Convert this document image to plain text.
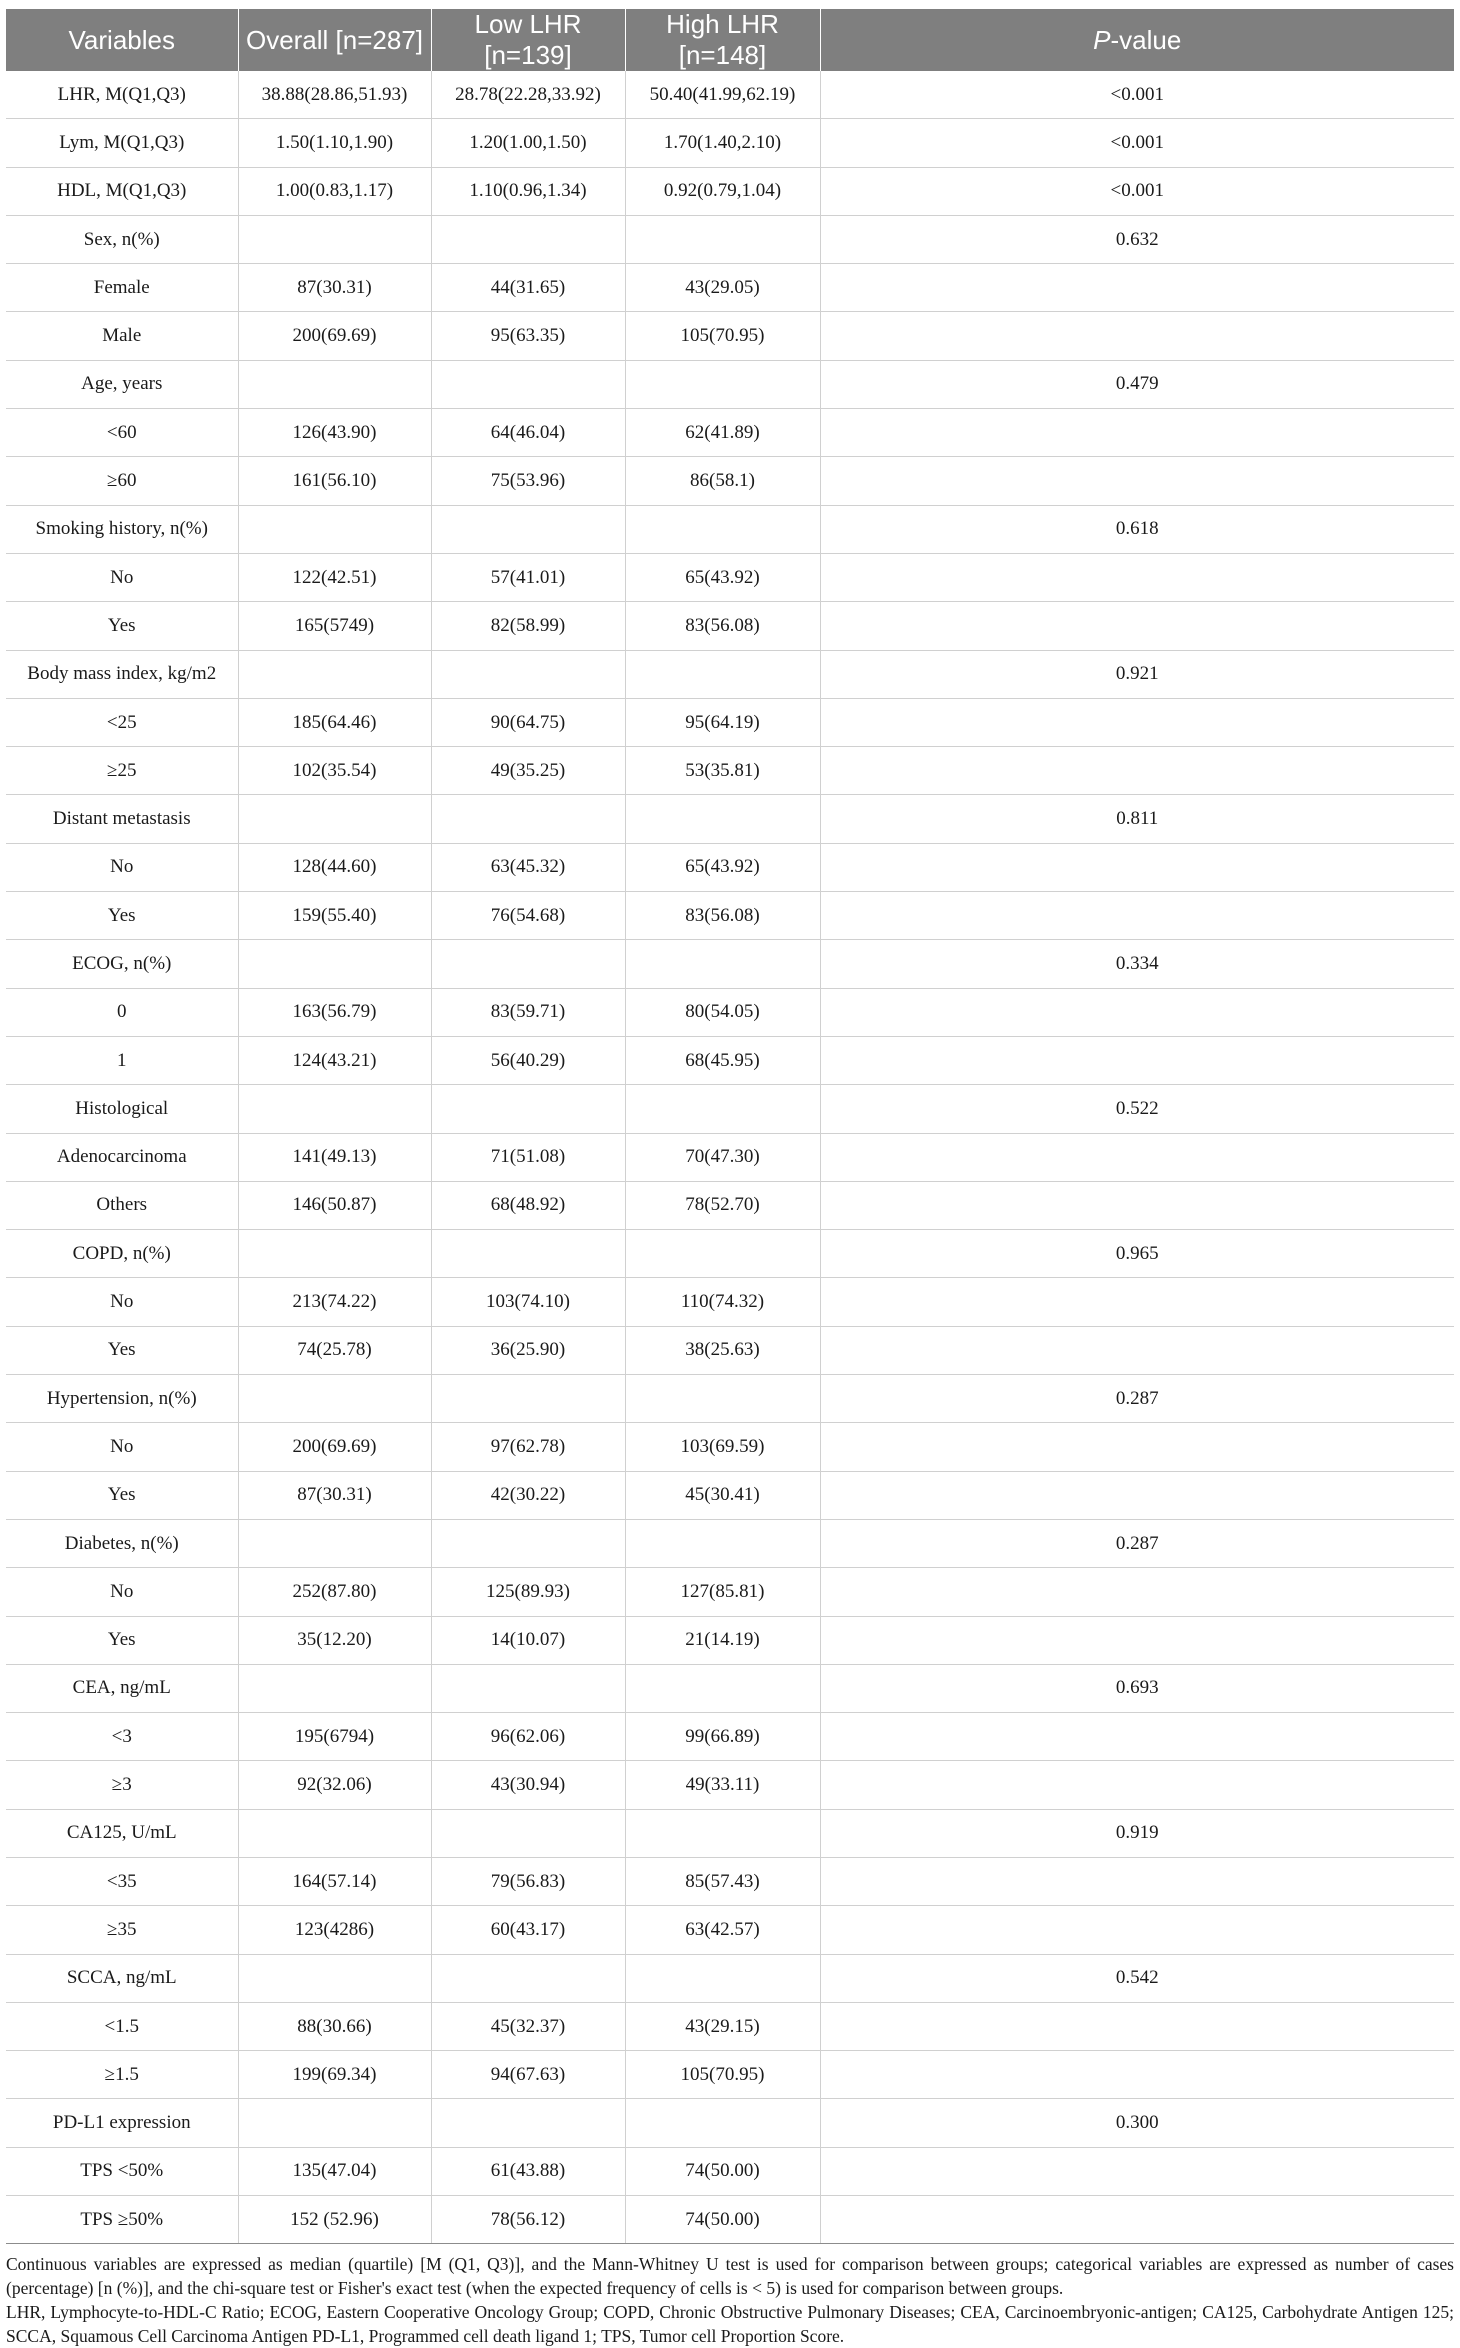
Variables	Overall [n=287]	Low LHR [n=139]	High LHR [n=148]	P-value
LHR, M(Q1,Q3)	38.88(28.86,51.93)	28.78(22.28,33.92)	50.40(41.99,62.19)	<0.001
Lym, M(Q1,Q3)	1.50(1.10,1.90)	1.20(1.00,1.50)	1.70(1.40,2.10)	<0.001
HDL, M(Q1,Q3)	1.00(0.83,1.17)	1.10(0.96,1.34)	0.92(0.79,1.04)	<0.001
Sex, n(%)				0.632
Female	87(30.31)	44(31.65)	43(29.05)	
Male	200(69.69)	95(63.35)	105(70.95)	
Age, years				0.479
<60	126(43.90)	64(46.04)	62(41.89)	
≥60	161(56.10)	75(53.96)	86(58.1)	
Smoking history, n(%)				0.618
No	122(42.51)	57(41.01)	65(43.92)	
Yes	165(5749)	82(58.99)	83(56.08)	
Body mass index, kg/m2				0.921
<25	185(64.46)	90(64.75)	95(64.19)	
≥25	102(35.54)	49(35.25)	53(35.81)	
Distant metastasis				0.811
No	128(44.60)	63(45.32)	65(43.92)	
Yes	159(55.40)	76(54.68)	83(56.08)	
ECOG, n(%)				0.334
0	163(56.79)	83(59.71)	80(54.05)	
1	124(43.21)	56(40.29)	68(45.95)	
Histological				0.522
Adenocarcinoma	141(49.13)	71(51.08)	70(47.30)	
Others	146(50.87)	68(48.92)	78(52.70)	
COPD, n(%)				0.965
No	213(74.22)	103(74.10)	110(74.32)	
Yes	74(25.78)	36(25.90)	38(25.63)	
Hypertension, n(%)				0.287
No	200(69.69)	97(62.78)	103(69.59)	
Yes	87(30.31)	42(30.22)	45(30.41)	
Diabetes, n(%)				0.287
No	252(87.80)	125(89.93)	127(85.81)	
Yes	35(12.20)	14(10.07)	21(14.19)	
CEA, ng/mL				0.693
<3	195(6794)	96(62.06)	99(66.89)	
≥3	92(32.06)	43(30.94)	49(33.11)	
CA125, U/mL				0.919
<35	164(57.14)	79(56.83)	85(57.43)	
≥35	123(4286)	60(43.17)	63(42.57)	
SCCA, ng/mL				0.542
<1.5	88(30.66)	45(32.37)	43(29.15)	
≥1.5	199(69.34)	94(67.63)	105(70.95)	
PD-L1 expression				0.300
TPS <50%	135(47.04)	61(43.88)	74(50.00)	
TPS ≥50%	152 (52.96)	78(56.12)	74(50.00)	

Continuous variables are expressed as median (quartile) [M (Q1, Q3)], and the Mann-Whitney U test is used for comparison between groups; categorical variables are expressed as number of cases (percentage) [n (%)], and the chi-square test or Fisher's exact test (when the expected frequency of cells is < 5) is used for comparison between groups.

LHR, Lymphocyte-to-HDL-C Ratio; ECOG, Eastern Cooperative Oncology Group; COPD, Chronic Obstructive Pulmonary Diseases; CEA, Carcinoembryonic-antigen; CA125, Carbohydrate Antigen 125; SCCA, Squamous Cell Carcinoma Antigen PD-L1, Programmed cell death ligand 1; TPS, Tumor cell Proportion Score.
